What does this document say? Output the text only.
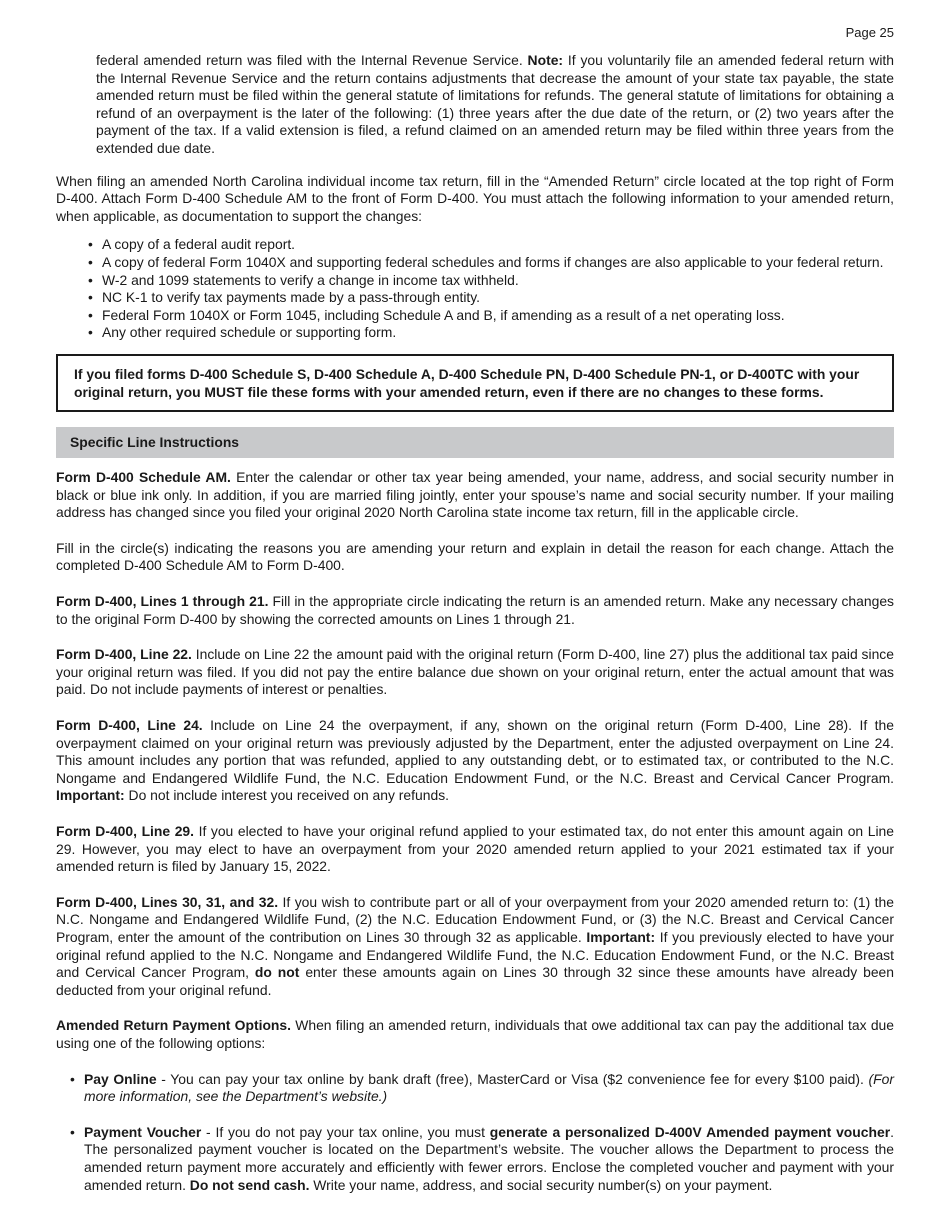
Page 25

federal amended return was filed with the Internal Revenue Service. Note: If you voluntarily file an amended federal return with the Internal Revenue Service and the return contains adjustments that decrease the amount of your state tax payable, the state amended return must be filed within the general statute of limitations for refunds. The general statute of limitations for obtaining a refund of an overpayment is the later of the following: (1) three years after the due date of the return, or (2) two years after the payment of the tax. If a valid extension is filed, a refund claimed on an amended return may be filed within three years from the extended due date.

When filing an amended North Carolina individual income tax return, fill in the “Amended Return” circle located at the top right of Form D-400. Attach Form D-400 Schedule AM to the front of Form D-400. You must attach the following information to your amended return, when applicable, as documentation to support the changes:

• A copy of a federal audit report.
• A copy of federal Form 1040X and supporting federal schedules and forms if changes are also applicable to your federal return.
• W-2 and 1099 statements to verify a change in income tax withheld.
• NC K-1 to verify tax payments made by a pass-through entity.
• Federal Form 1040X or Form 1045, including Schedule A and B, if amending as a result of a net operating loss.
• Any other required schedule or supporting form.
If you filed forms D-400 Schedule S, D-400 Schedule A, D-400 Schedule PN, D-400 Schedule PN-1, or D-400TC with your original return, you MUST file these forms with your amended return, even if there are no changes to these forms.
Specific Line Instructions

Form D-400 Schedule AM. Enter the calendar or other tax year being amended, your name, address, and social security number in black or blue ink only. In addition, if you are married filing jointly, enter your spouse’s name and social security number. If your mailing address has changed since you filed your original 2020 North Carolina state income tax return, fill in the applicable circle.

Fill in the circle(s) indicating the reasons you are amending your return and explain in detail the reason for each change. Attach the completed D-400 Schedule AM to Form D-400.

Form D-400, Lines 1 through 21. Fill in the appropriate circle indicating the return is an amended return. Make any necessary changes to the original Form D-400 by showing the corrected amounts on Lines 1 through 21.

Form D-400, Line 22. Include on Line 22 the amount paid with the original return (Form D-400, line 27) plus the additional tax paid since your original return was filed. If you did not pay the entire balance due shown on your original return, enter the actual amount that was paid. Do not include payments of interest or penalties.

Form D-400, Line 24. Include on Line 24 the overpayment, if any, shown on the original return (Form D-400, Line 28). If the overpayment claimed on your original return was previously adjusted by the Department, enter the adjusted overpayment on Line 24. This amount includes any portion that was refunded, applied to any outstanding debt, or to estimated tax, or contributed to the N.C. Nongame and Endangered Wildlife Fund, the N.C. Education Endowment Fund, or the N.C. Breast and Cervical Cancer Program. Important: Do not include interest you received on any refunds.

Form D-400, Line 29. If you elected to have your original refund applied to your estimated tax, do not enter this amount again on Line 29. However, you may elect to have an overpayment from your 2020 amended return applied to your 2021 estimated tax if your amended return is filed by January 15, 2022.

Form D-400, Lines 30, 31, and 32. If you wish to contribute part or all of your overpayment from your 2020 amended return to: (1) the N.C. Nongame and Endangered Wildlife Fund, (2) the N.C. Education Endowment Fund, or (3) the N.C. Breast and Cervical Cancer Program, enter the amount of the contribution on Lines 30 through 32 as applicable. Important: If you previously elected to have your original refund applied to the N.C. Nongame and Endangered Wildlife Fund, the N.C. Education Endowment Fund, or the N.C. Breast and Cervical Cancer Program, do not enter these amounts again on Lines 30 through 32 since these amounts have already been deducted from your original refund.

Amended Return Payment Options. When filing an amended return, individuals that owe additional tax can pay the additional tax due using one of the following options:

• Pay Online - You can pay your tax online by bank draft (free), MasterCard or Visa ($2 convenience fee for every $100 paid). (For more information, see the Department’s website.)
• Payment Voucher - If you do not pay your tax online, you must generate a personalized D-400V Amended payment voucher. The personalized payment voucher is located on the Department’s website. The voucher allows the Department to process the amended return payment more accurately and efficiently with fewer errors. Enclose the completed voucher and payment with your amended return. Do not send cash. Write your name, address, and social security number(s) on your payment.
